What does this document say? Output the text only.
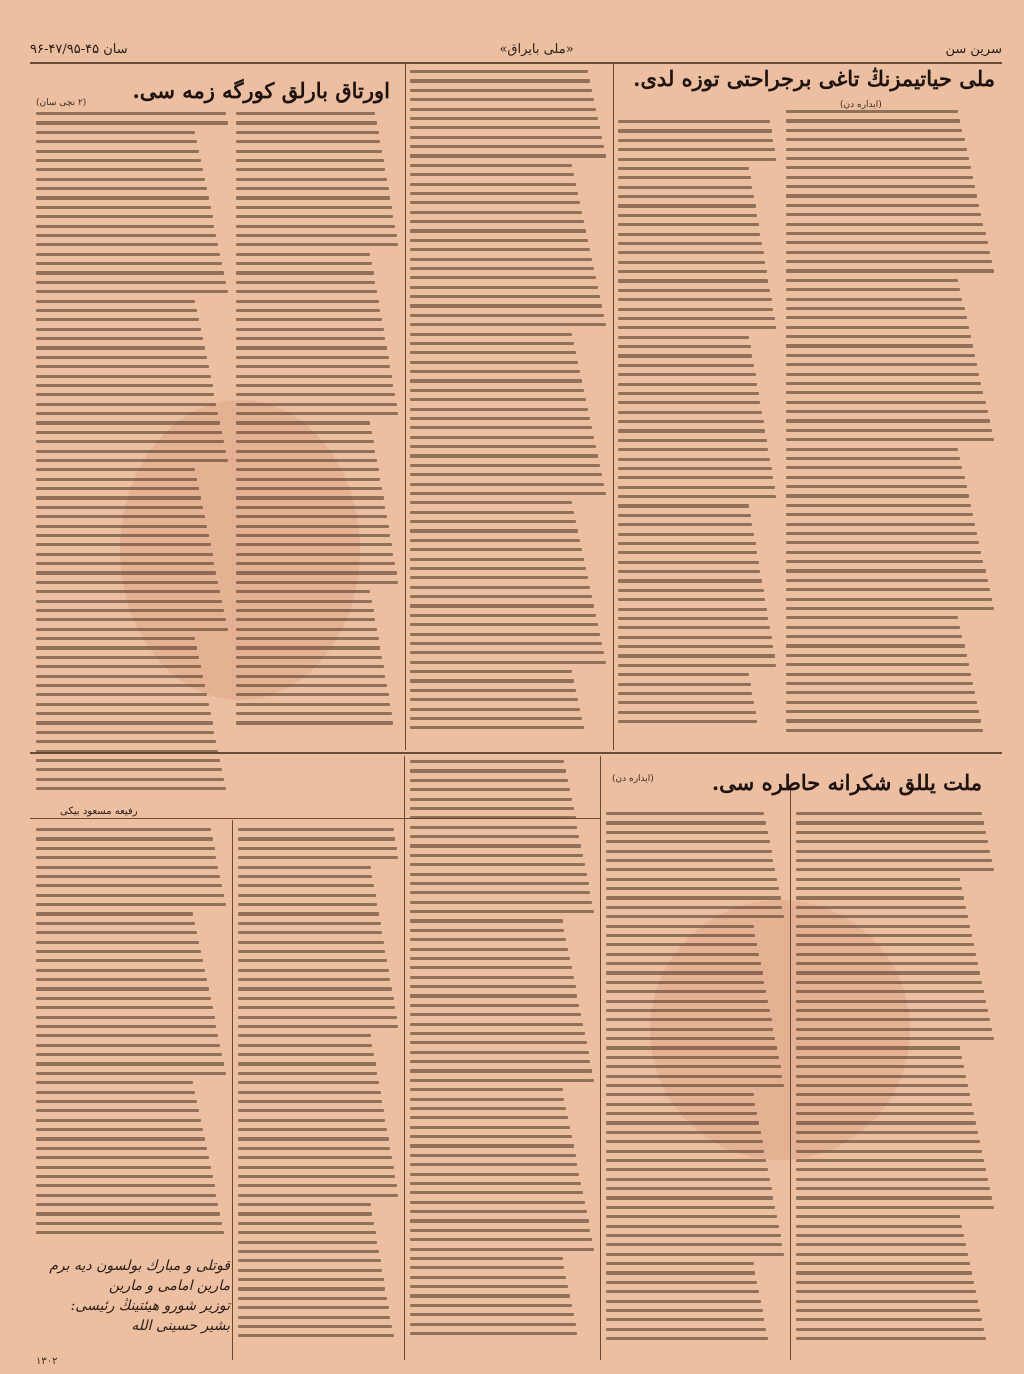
سرین سن
«ملی بایراق»
سان ۴۵-۴۷/۹۵-۹۶
ملی حیاتیمزنڭ تاغی برجراحتی توزه لدی.
(ایداره دن)
اورتاق بارلق کورگه زمه سی.
(۲ نچی سان)
ملت یللق شکرانه حاطره سی.
(ایداره دن)
رفیعه مسعود بیکی
قوتلی و مبارك بولسون دیه برم
مارین امامی و مارین
توزیر شورو هیئتینڭ رئیسی:
بشیر حسینی الله
۱۳۰۲
